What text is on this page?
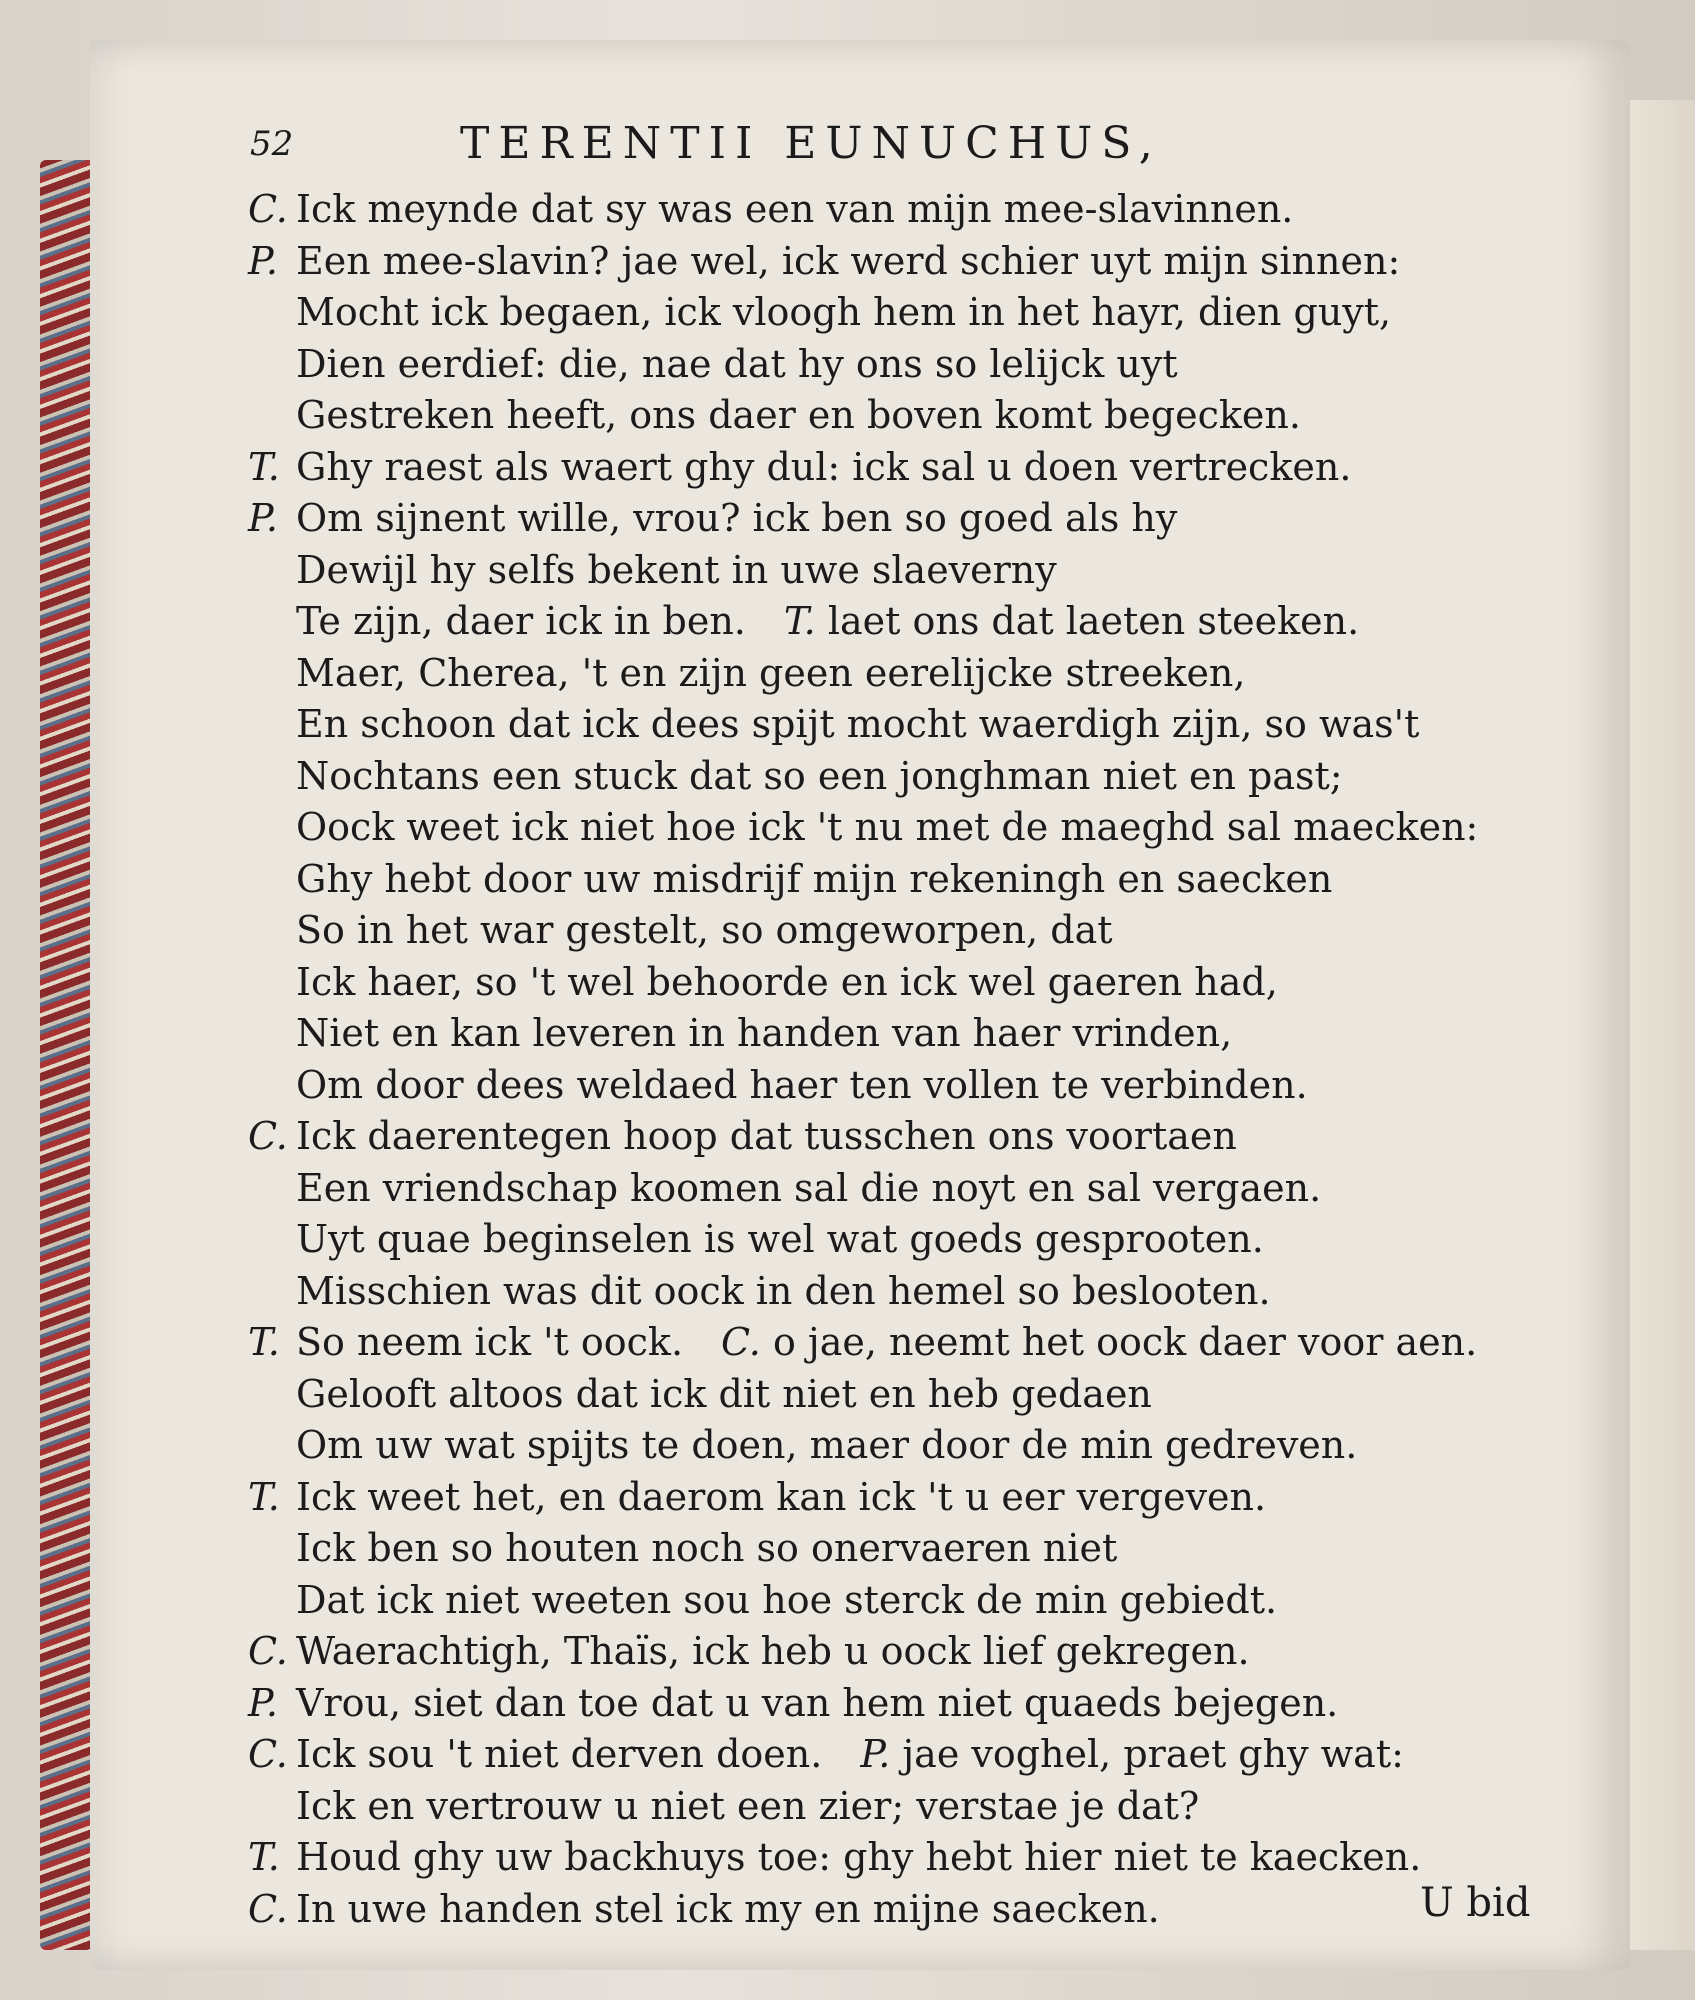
52	TERENTII EUNUCHUS,
C. Ick meynde dat sy was een van mijn mee-slavinnen.
P. Een mee-slavin? jae wel, ick werd schier uyt mijn sinnen:
Mocht ick begaen, ick vloogh hem in het hayr, dien guyt,
Dien eerdief: die, nae dat hy ons so lelijck uyt
Gestreken heeft, ons daer en boven komt begecken.
T. Ghy raest als waert ghy dul: ick sal u doen vertrecken.
P. Om sijnent wille, vrou? ick ben so goed als hy
Dewijl hy selfs bekent in uwe slaeverny
Te zijn, daer ick in ben.  T. laet ons dat laeten steeken.
Maer, Cherea, 't en zijn geen eerelijcke streeken,
En schoon dat ick dees spijt mocht waerdigh zijn, so was't
Nochtans een stuck dat so een jonghman niet en past;
Oock weet ick niet hoe ick 't nu met de maeghd sal maecken:
Ghy hebt door uw misdrijf mijn rekeningh en saecken
So in het war gestelt, so omgeworpen, dat
Ick haer, so 't wel behoorde en ick wel gaeren had,
Niet en kan leveren in handen van haer vrinden,
Om door dees weldaed haer ten vollen te verbinden.
C. Ick daerentegen hoop dat tusschen ons voortaen
Een vriendschap koomen sal die noyt en sal vergaen.
Uyt quae beginselen is wel wat goeds gesprooten.
Misschien was dit oock in den hemel so beslooten.
T. So neem ick 't oock.  C. o jae, neemt het oock daer voor aen.
Gelooft altoos dat ick dit niet en heb gedaen
Om uw wat spijts te doen, maer door de min gedreven.
T. Ick weet het, en daerom kan ick 't u eer vergeven.
Ick ben so houten noch so onervaeren niet
Dat ick niet weeten sou hoe sterck de min gebiedt.
C. Waerachtigh, Thaïs, ick heb u oock lief gekregen.
P. Vrou, siet dan toe dat u van hem niet quaeds bejegen.
C. Ick sou 't niet derven doen.  P. jae voghel, praet ghy wat:
Ick en vertrouw u niet een zier; verstae je dat?
T. Houd ghy uw backhuys toe: ghy hebt hier niet te kaecken.
C. In uwe handen stel ick my en mijne saecken.	U bid
